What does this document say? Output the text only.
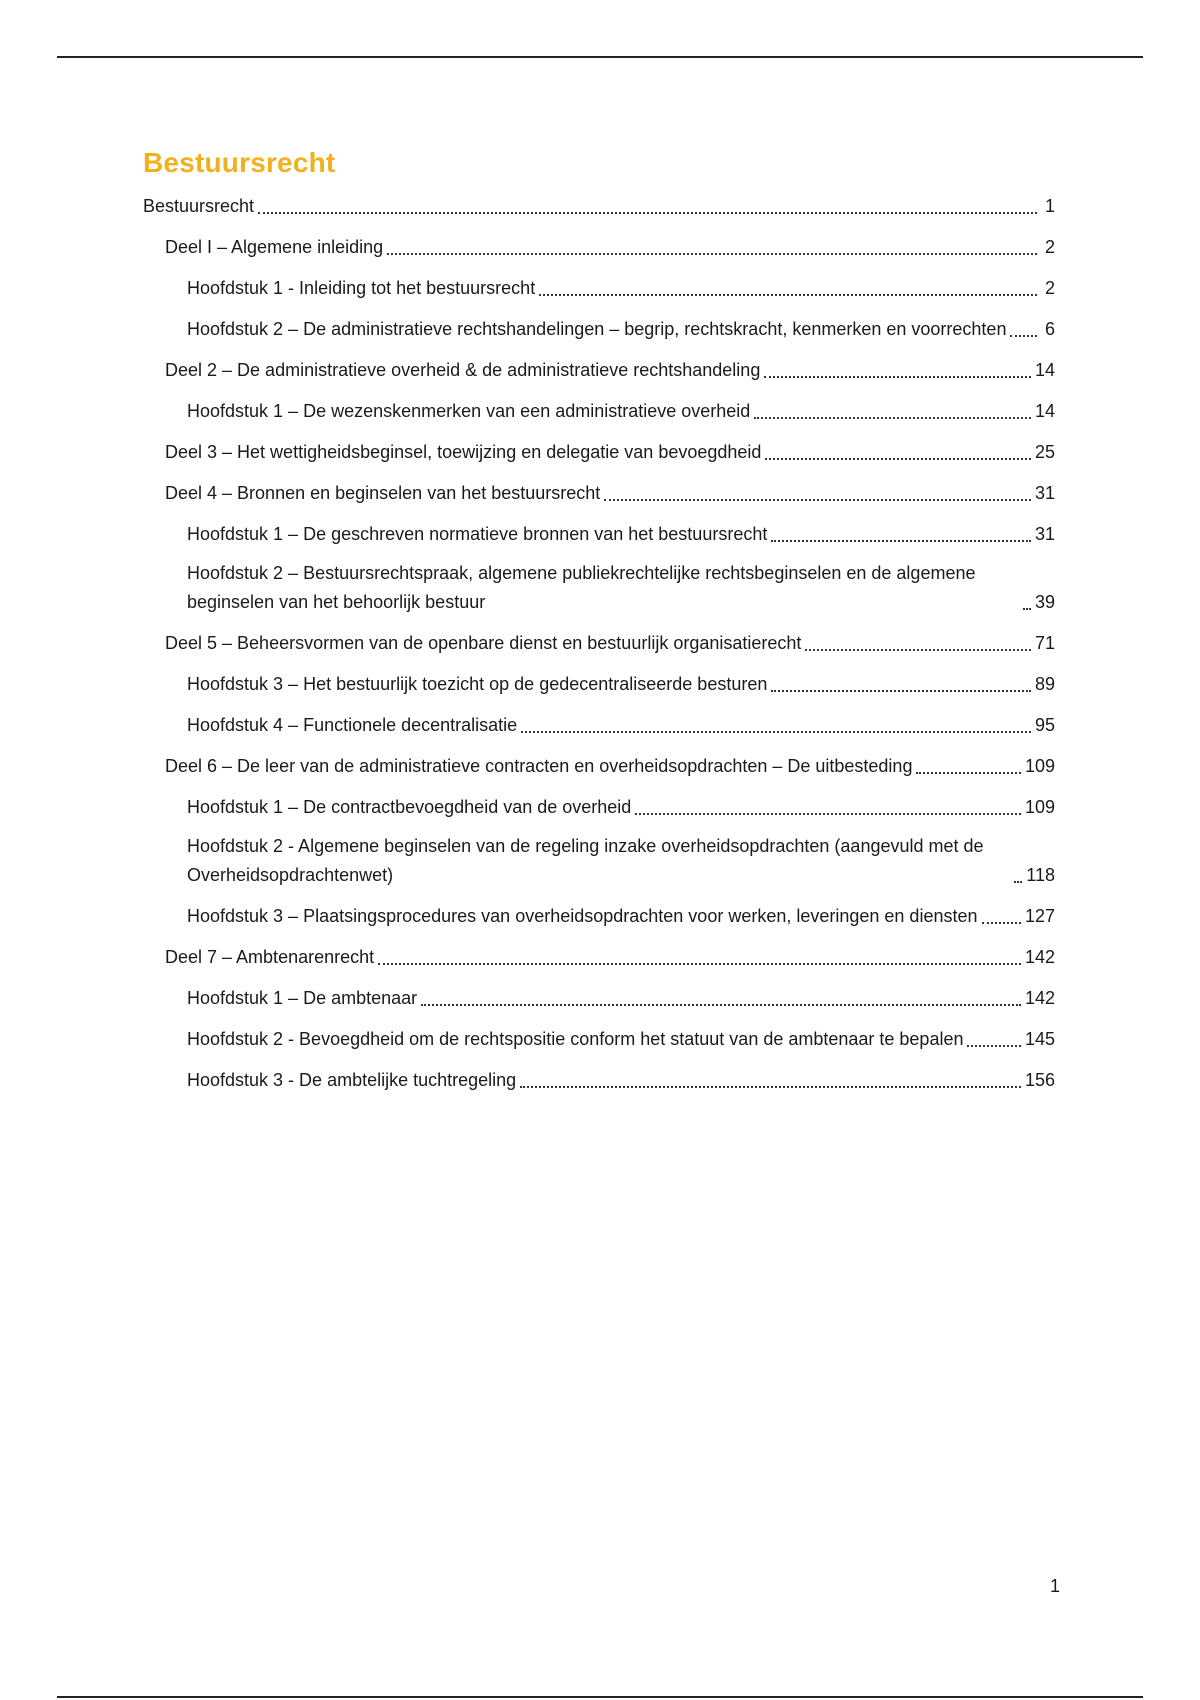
Bestuursrecht
Bestuursrecht	1
Deel I – Algemene inleiding	2
Hoofdstuk 1 - Inleiding tot het bestuursrecht	2
Hoofdstuk 2 – De administratieve rechtshandelingen – begrip, rechtskracht, kenmerken en voorrechten 6
Deel 2 – De administratieve overheid & de administratieve rechtshandeling	14
Hoofdstuk 1 – De wezenskenmerken van een administratieve overheid	14
Deel 3 – Het wettigheidsbeginsel, toewijzing en delegatie van bevoegdheid	25
Deel 4 – Bronnen en beginselen van het bestuursrecht	31
Hoofdstuk 1 – De geschreven normatieve bronnen van het bestuursrecht	31
Hoofdstuk 2 – Bestuursrechtspraak, algemene publiekrechtelijke rechtsbeginselen en de algemene beginselen van het behoorlijk bestuur	39
Deel 5 – Beheersvormen van de openbare dienst en bestuurlijk organisatierecht	71
Hoofdstuk 3 – Het bestuurlijk toezicht op de gedecentraliseerde besturen	89
Hoofdstuk 4 – Functionele decentralisatie	95
Deel 6 – De leer van de administratieve contracten en overheidsopdrachten – De uitbesteding	109
Hoofdstuk 1 – De contractbevoegdheid van de overheid	109
Hoofdstuk 2 - Algemene beginselen van de regeling inzake overheidsopdrachten (aangevuld met de Overheidsopdrachtenwet)	118
Hoofdstuk 3 – Plaatsingsprocedures van overheidsopdrachten voor werken, leveringen en diensten	127
Deel 7 – Ambtenarenrecht	142
Hoofdstuk 1 – De ambtenaar	142
Hoofdstuk 2 - Bevoegdheid om de rechtspositie conform het statuut van de ambtenaar te bepalen	145
Hoofdstuk 3 - De ambtelijke tuchtregeling	156
1
